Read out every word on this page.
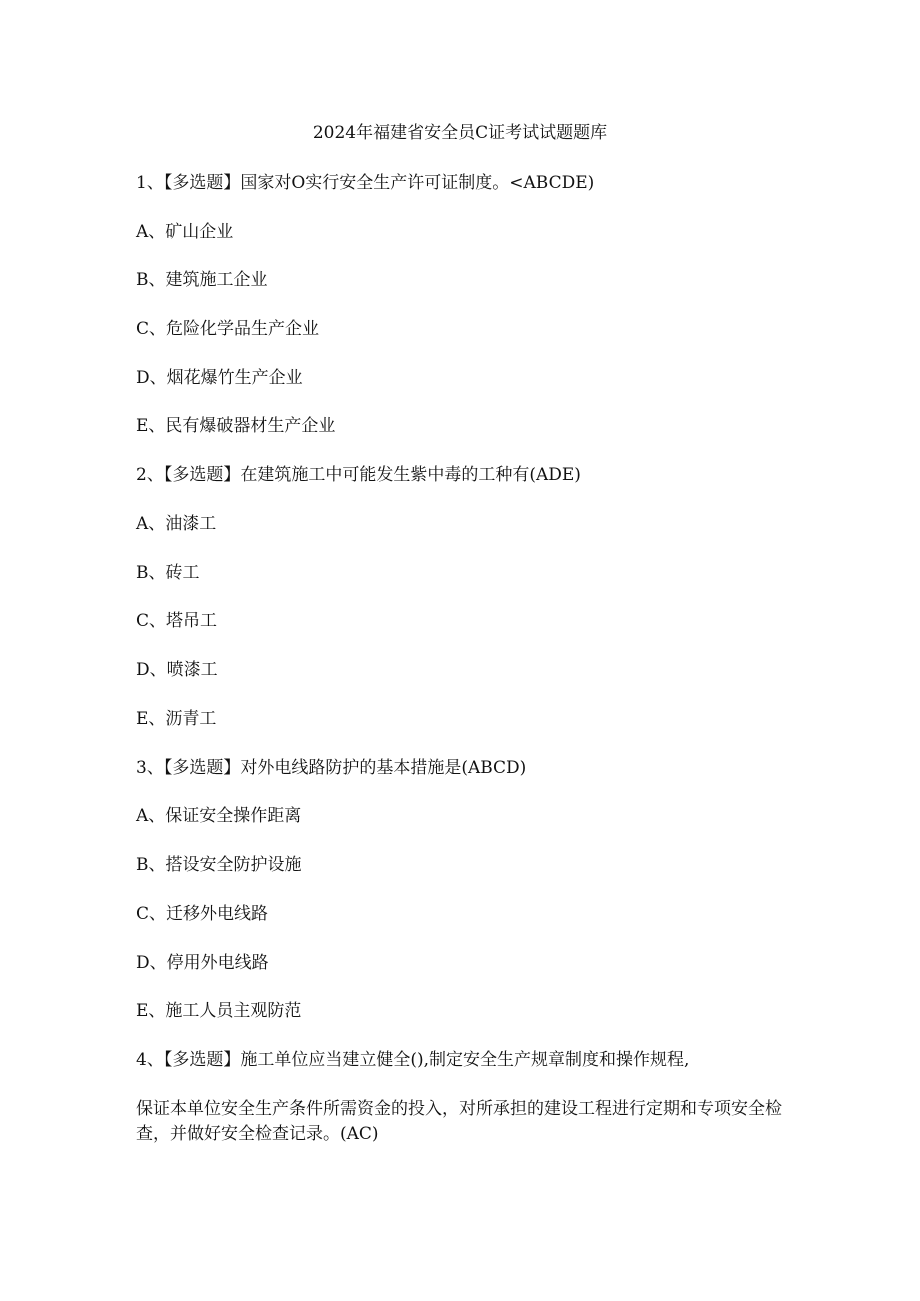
2024年福建省安全员C证考试试题题库
1、【多选题】国家对O实行安全生产许可证制度。<ABCDE)
A、矿山企业
B、建筑施工企业
C、危险化学品生产企业
D、烟花爆竹生产企业
E、民有爆破器材生产企业
2、【多选题】在建筑施工中可能发生紫中毒的工种有(ADE)
A、油漆工
B、砖工
C、塔吊工
D、喷漆工
E、沥青工
3、【多选题】对外电线路防护的基本措施是(ABCD)
A、保证安全操作距离
B、搭设安全防护设施
C、迁移外电线路
D、停用外电线路
E、施工人员主观防范
4、【多选题】施工单位应当建立健全(),制定安全生产规章制度和操作规程,
保证本单位安全生产条件所需资金的投入，对所承担的建设工程进行定期和专项安全检查，并做好安全检查记录。(AC)
